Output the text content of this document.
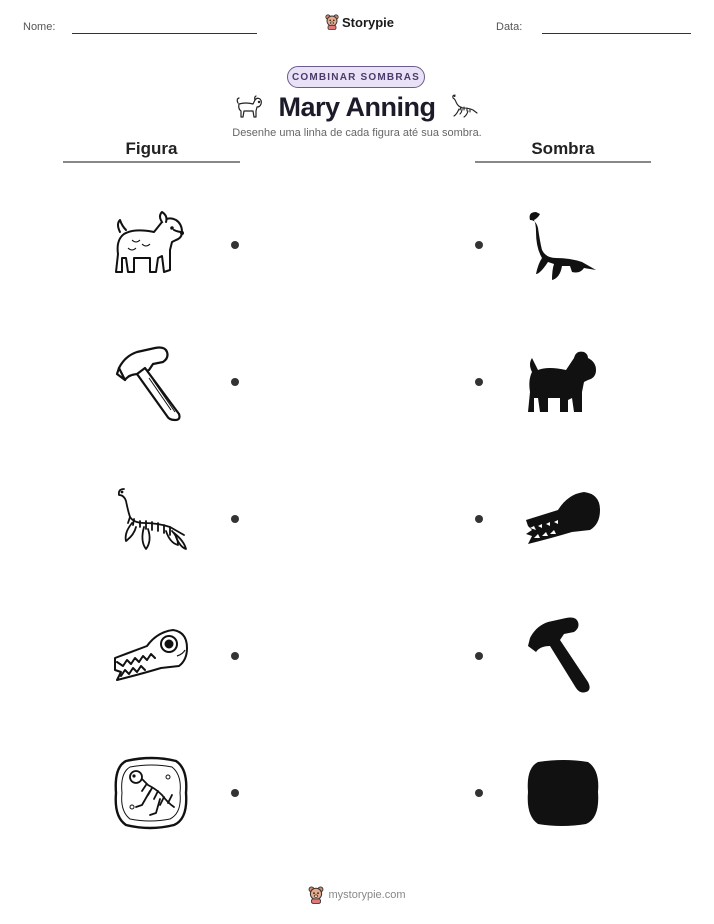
Nome:	Storypie	Data:
COMBINAR SOMBRAS
Mary Anning
Desenhe uma linha de cada figura até sua sombra.
Figura	Sombra
mystorypie.com
